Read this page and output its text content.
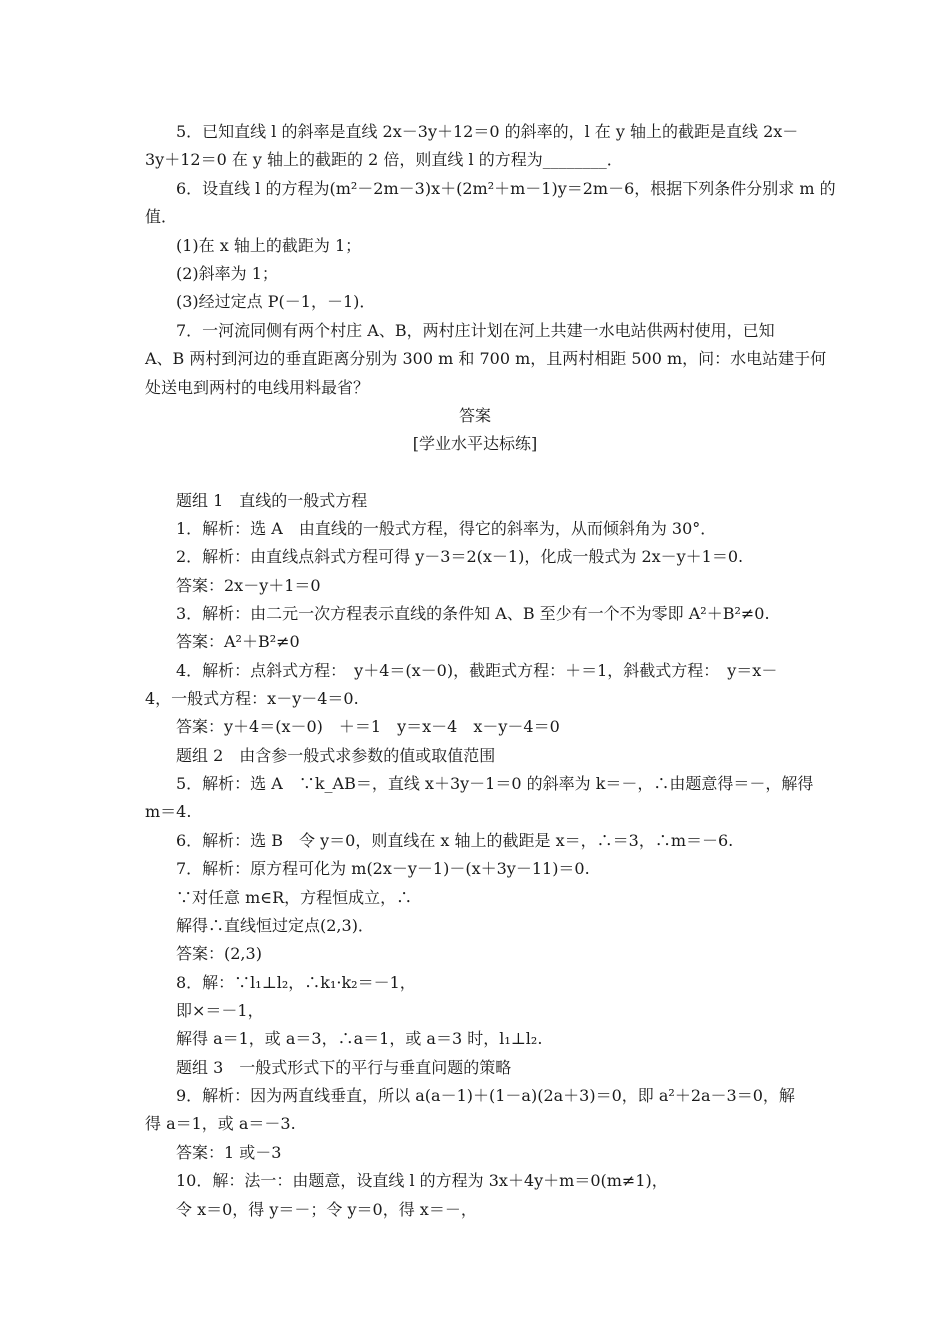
5．已知直线 l 的斜率是直线 2x－3y＋12＝0 的斜率的，l 在 y 轴上的截距是直线 2x－
3y＋12＝0 在 y 轴上的截距的 2 倍，则直线 l 的方程为________．
6．设直线 l 的方程为(m²－2m－3)x＋(2m²＋m－1)y＝2m－6，根据下列条件分别求 m 的
值．
(1)在 x 轴上的截距为 1；
(2)斜率为 1；
(3)经过定点 P(－1，－1)．
7．一河流同侧有两个村庄 A、B，两村庄计划在河上共建一水电站供两村使用，已知
A、B 两村到河边的垂直距离分别为 300 m 和 700 m，且两村相距 500 m，问：水电站建于何
处送电到两村的电线用料最省？
答案
[学业水平达标练]
题组 1　直线的一般式方程
1．解析：选 A　由直线的一般式方程，得它的斜率为，从而倾斜角为 30°．
2．解析：由直线点斜式方程可得 y－3＝2(x－1)，化成一般式为 2x－y＋1＝0.
答案：2x－y＋1＝0
3．解析：由二元一次方程表示直线的条件知 A、B 至少有一个不为零即 A²＋B²≠0.
答案：A²＋B²≠0
4．解析：点斜式方程：　y＋4＝(x－0)，截距式方程：＋＝1，斜截式方程：　y＝x－
4，一般式方程：x－y－4＝0.
答案：y＋4＝(x－0)　＋＝1　y＝x－4　x－y－4＝0
题组 2　由含参一般式求参数的值或取值范围
5．解析：选 A　∵k_AB＝，直线 x＋3y－1＝0 的斜率为 k＝－，∴由题意得＝－，解得
m＝4.
6．解析：选 B　令 y＝0，则直线在 x 轴上的截距是 x＝，∴＝3，∴m＝－6.
7．解析：原方程可化为 m(2x－y－1)－(x＋3y－11)＝0.
∵对任意 m∈R，方程恒成立，∴
解得∴直线恒过定点(2,3)．
答案：(2,3)
8．解：∵l₁⊥l₂，∴k₁·k₂＝－1，
即×＝－1，
解得 a＝1，或 a＝3，∴a＝1，或 a＝3 时，l₁⊥l₂.
题组 3　一般式形式下的平行与垂直问题的策略
9．解析：因为两直线垂直，所以 a(a－1)＋(1－a)(2a＋3)＝0，即 a²＋2a－3＝0，解
得 a＝1，或 a＝－3.
答案：1 或－3
10．解：法一：由题意，设直线 l 的方程为 3x＋4y＋m＝0(m≠1)，
令 x＝0，得 y＝－；令 y＝0，得 x＝－，
